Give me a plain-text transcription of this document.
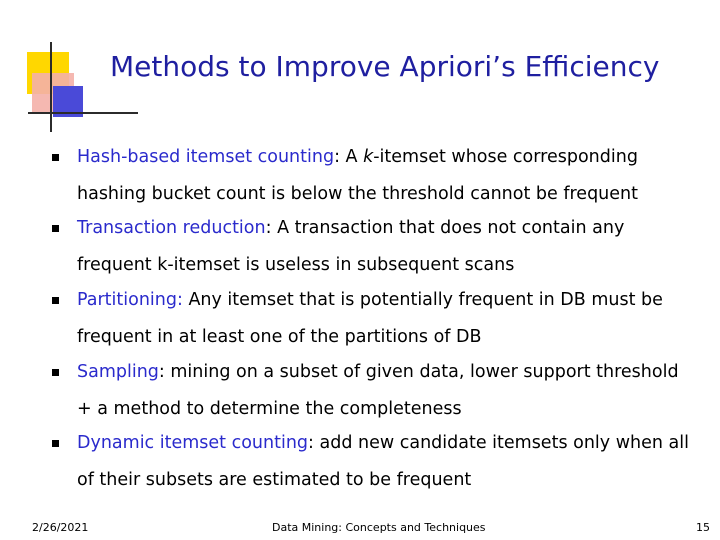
Methods to Improve Apriori’s Efficiency
Hash-based itemset counting: A k-itemset whose corresponding hashing bucket count is below the threshold cannot be frequent
Transaction reduction: A transaction that does not contain any frequent k-itemset is useless in subsequent scans
Partitioning: Any itemset that is potentially frequent in DB must be frequent in at least one of the partitions of DB
Sampling: mining on a subset of given data, lower support threshold + a method to determine the completeness
Dynamic itemset counting: add new candidate itemsets only when all of their subsets are estimated to be frequent
2/26/2021	Data Mining: Concepts and Techniques	15
